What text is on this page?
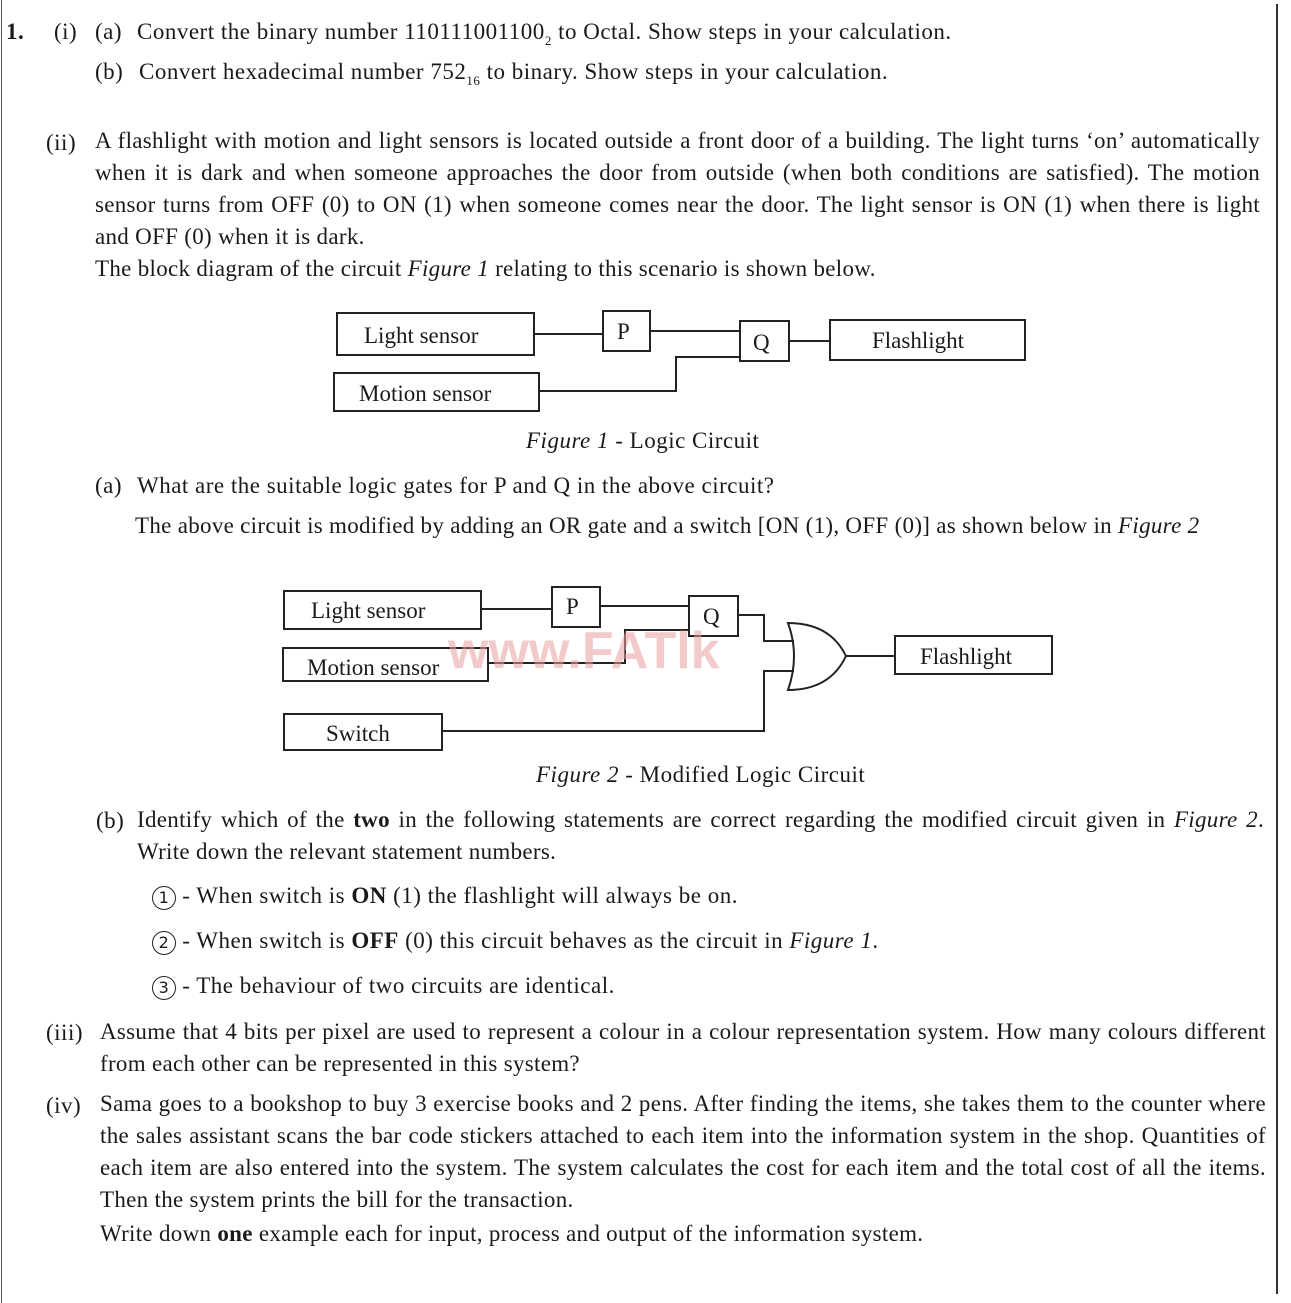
1. (i) (a) Convert the binary number $110111001100_2$ to Octal. Show steps in your calculation.
(b) Convert hexadecimal number $752_{16}$ to binary. Show steps in your calculation.
(ii) A flashlight with motion and light sensors is located outside a front door of a building. The light turns ‘on’ automatically when it is dark and when someone approaches the door from outside (when both conditions are satisfied). The motion sensor turns from OFF (0) to ON (1) when someone comes near the door. The light sensor is ON (1) when there is light and OFF (0) when it is dark.

The block diagram of the circuit Figure 1 relating to this scenario is shown below.

Light sensor
Motion sensor
P	Q	Flashlight
www.FATlk
Light sensor
Motion sensor
Switch
P	Q
Flashlight
Figure 1 - Logic Circuit
(a) What are the suitable logic gates for P and Q in the above circuit?
The above circuit is modified by adding an OR gate and a switch [ON (1), OFF (0)] as shown below in Figure 2
Figure 2 - Modified Logic Circuit
(b) Identify which of the two in the following statements are correct regarding the modified circuit given in Figure 2. Write down the relevant statement numbers.
1 - When switch is ON (1) the flashlight will always be on.
2 - When switch is OFF (0) this circuit behaves as the circuit in Figure 1.
3 - The behaviour of two circuits are identical.
(iii) Assume that 4 bits per pixel are used to represent a colour in a colour representation system. How many colours different from each other can be represented in this system?
(iv) Sama goes to a bookshop to buy 3 exercise books and 2 pens. After finding the items, she takes them to the counter where the sales assistant scans the bar code stickers attached to each item into the information system in the shop. Quantities of each item are also entered into the system. The system calculates the cost for each item and the total cost of all the items. Then the system prints the bill for the transaction.

Write down one example each for input, process and output of the information system.
